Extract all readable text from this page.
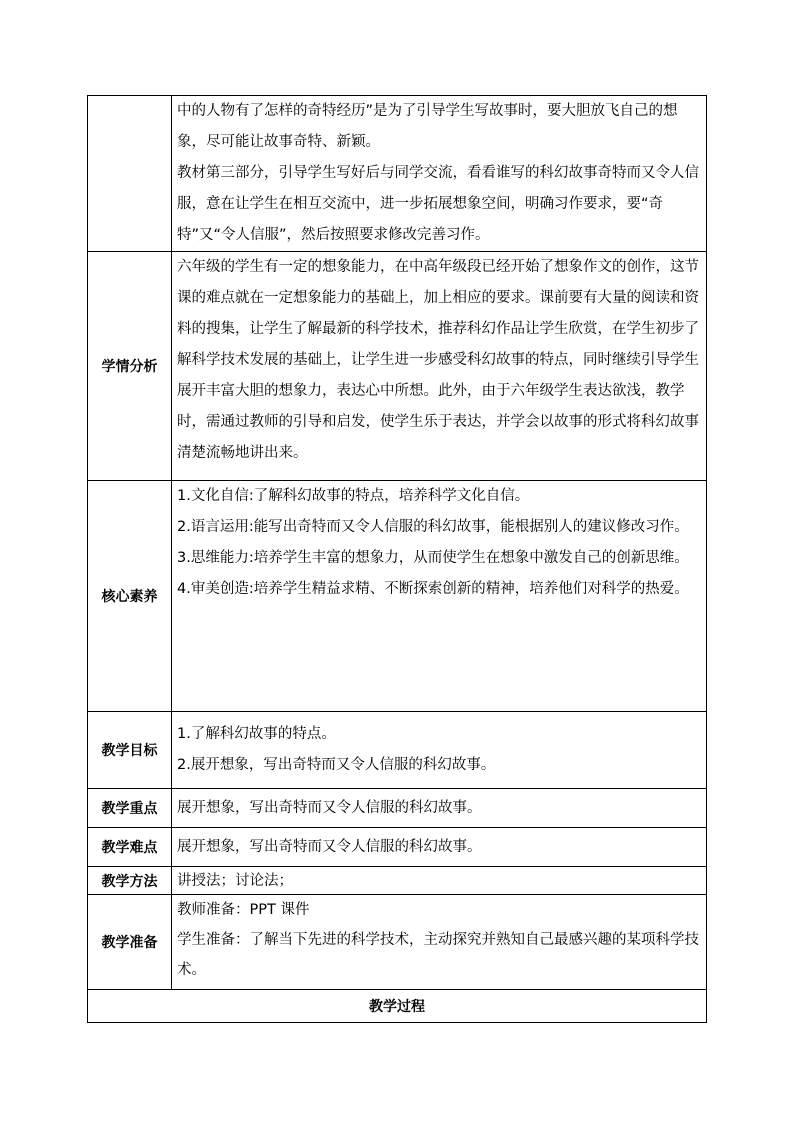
	中的人物有了怎样的奇特经历”是为了引导学生写故事时，要大胆放飞自己的想象，尽可能让故事奇特、新颖。

教材第三部分，引导学生写好后与同学交流，看看谁写的科幻故事奇特而又令人信服，意在让学生在相互交流中，进一步拓展想象空间，明确习作要求，要“奇特”又“令人信服”，然后按照要求修改完善习作。

学情分析	六年级的学生有一定的想象能力，在中高年级段已经开始了想象作文的创作，这节课的难点就在一定想象能力的基础上，加上相应的要求。课前要有大量的阅读和资料的搜集，让学生了解最新的科学技术，推荐科幻作品让学生欣赏，在学生初步了解科学技术发展的基础上，让学生进一步感受科幻故事的特点，同时继续引导学生展开丰富大胆的想象力，表达心中所想。此外，由于六年级学生表达欲浅，教学时，需通过教师的引导和启发，使学生乐于表达，并学会以故事的形式将科幻故事清楚流畅地讲出来。

核心素养	1.文化自信:了解科幻故事的特点，培养科学文化自信。

2.语言运用:能写出奇特而又令人信服的科幻故事，能根据别人的建议修改习作。

3.思维能力:培养学生丰富的想象力，从而使学生在想象中激发自己的创新思维。

4.审美创造:培养学生精益求精、不断探索创新的精神，培养他们对科学的热爱。

教学目标	1.了解科幻故事的特点。

2.展开想象，写出奇特而又令人信服的科幻故事。

教学重点	展开想象，写出奇特而又令人信服的科幻故事。

教学难点	展开想象，写出奇特而又令人信服的科幻故事。

教学方法	讲授法；讨论法；

教学准备	教师准备：PPT 课件

学生准备：了解当下先进的科学技术，主动探究并熟知自己最感兴趣的某项科学技术。

教学过程	
